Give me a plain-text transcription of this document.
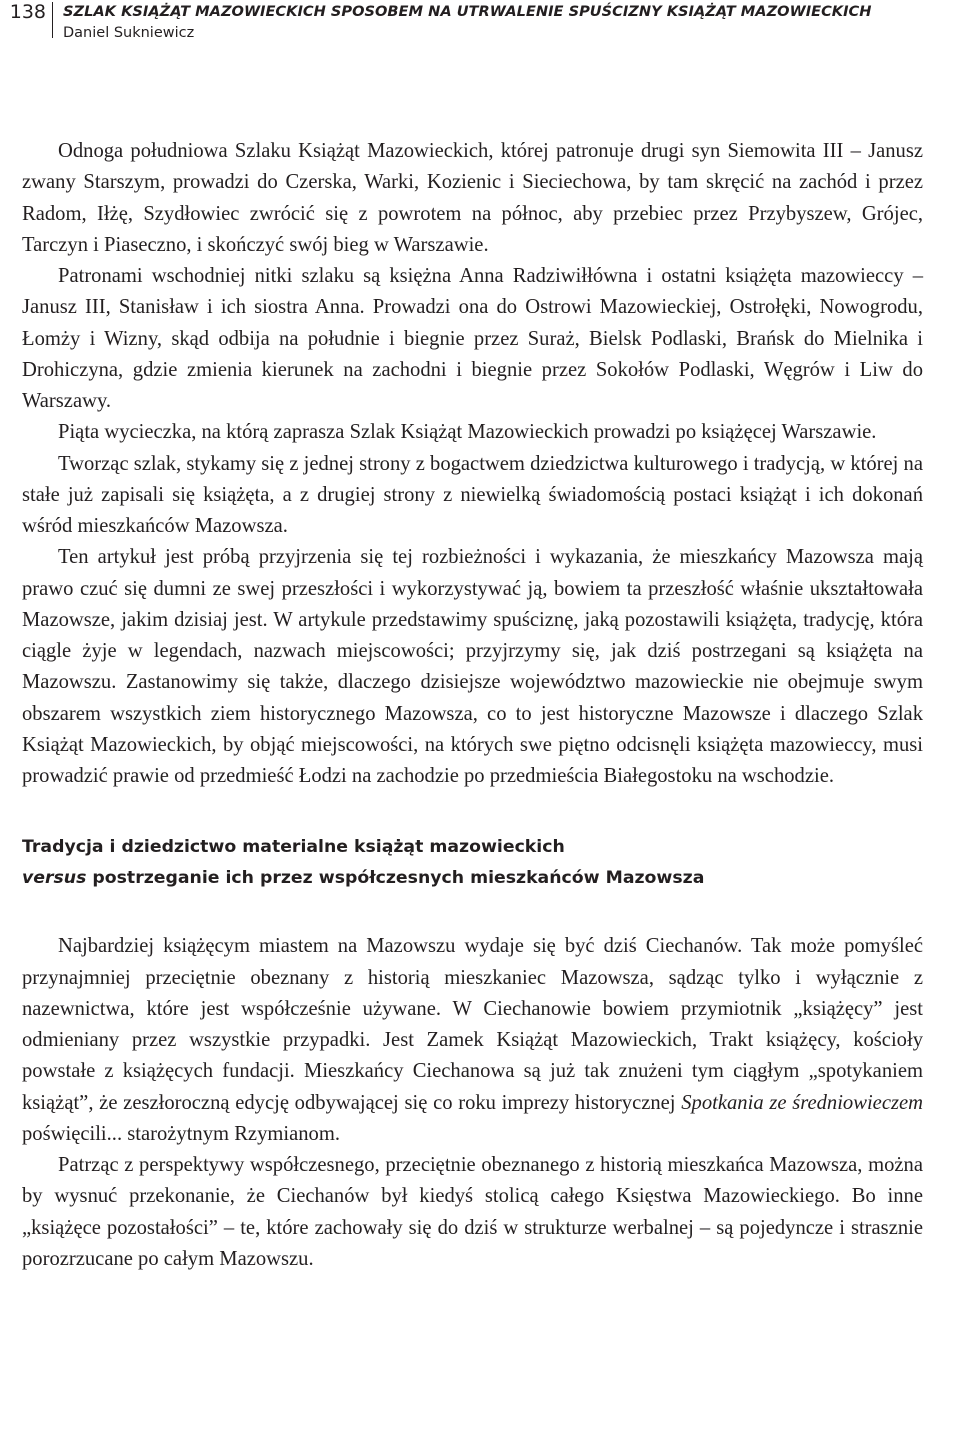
138 SZLAK KSIĄŻĄT MAZOWIECKICH SPOSOBEM NA UTRWALENIE SPUŚCIZNY KSIĄŻĄT MAZOWIECKICH
Daniel Sukniewicz

Odnoga południowa Szlaku Książąt Mazowieckich, której patronuje drugi syn Siemowita III – Janusz zwany Starszym, prowadzi do Czerska, Warki, Kozienic i Sieciechowa, by tam skręcić na zachód i przez Radom, Iłżę, Szydłowiec zwrócić się z powrotem na północ, aby przebiec przez Przybyszew, Grójec, Tarczyn i Piaseczno, i skończyć swój bieg w Warszawie.

Patronami wschodniej nitki szlaku są księżna Anna Radziwiłłówna i ostatni książęta mazowieccy – Janusz III, Stanisław i ich siostra Anna. Prowadzi ona do Ostrowi Mazowieckiej, Ostrołęki, Nowogrodu, Łomży i Wizny, skąd odbija na południe i biegnie przez Suraż, Bielsk Podlaski, Brańsk do Mielnika i Drohiczyna, gdzie zmienia kierunek na zachodni i biegnie przez Sokołów Podlaski, Węgrów i Liw do Warszawy.

Piąta wycieczka, na którą zaprasza Szlak Książąt Mazowieckich prowadzi po książęcej Warszawie.

Tworząc szlak, stykamy się z jednej strony z bogactwem dziedzictwa kulturowego i tradycją, w której na stałe już zapisali się książęta, a z drugiej strony z niewielką świadomością postaci książąt i ich dokonań wśród mieszkańców Mazowsza.

Ten artykuł jest próbą przyjrzenia się tej rozbieżności i wykazania, że mieszkańcy Mazowsza mają prawo czuć się dumni ze swej przeszłości i wykorzystywać ją, bowiem ta przeszłość właśnie ukształtowała Mazowsze, jakim dzisiaj jest. W artykule przedstawimy spuściznę, jaką pozostawili książęta, tradycję, która ciągle żyje w legendach, nazwach miejscowości; przyjrzymy się, jak dziś postrzegani są książęta na Mazowszu. Zastanowimy się także, dlaczego dzisiejsze województwo mazowieckie nie obejmuje swym obszarem wszystkich ziem historycznego Mazowsza, co to jest historyczne Mazowsze i dlaczego Szlak Książąt Mazowieckich, by objąć miejscowości, na których swe piętno odcisnęli książęta mazowieccy, musi prowadzić prawie od przedmieść Łodzi na zachodzie po przedmieścia Białegostoku na wschodzie.

Tradycja i dziedzictwo materialne książąt mazowieckich
versus postrzeganie ich przez współczesnych mieszkańców Mazowsza

Najbardziej książęcym miastem na Mazowszu wydaje się być dziś Ciechanów. Tak może pomyśleć przynajmniej przeciętnie obeznany z historią mieszkaniec Mazowsza, sądząc tylko i wyłącznie z nazewnictwa, które jest współcześnie używane. W Ciechanowie bowiem przymiotnik „książęcy” jest odmieniany przez wszystkie przypadki. Jest Zamek Książąt Mazowieckich, Trakt książęcy, kościoły powstałe z książęcych fundacji. Mieszkańcy Ciechanowa są już tak znużeni tym ciągłym „spotykaniem książąt”, że zeszłoroczną edycję odbywającej się co roku imprezy historycznej Spotkania ze średniowieczem poświęcili... starożytnym Rzymianom.

Patrząc z perspektywy współczesnego, przeciętnie obeznanego z historią mieszkańca Mazowsza, można by wysnuć przekonanie, że Ciechanów był kiedyś stolicą całego Księstwa Mazowieckiego. Bo inne „książęce pozostałości” – te, które zachowały się do dziś w strukturze werbalnej – są pojedyncze i strasznie porozrzucane po całym Mazowszu.
